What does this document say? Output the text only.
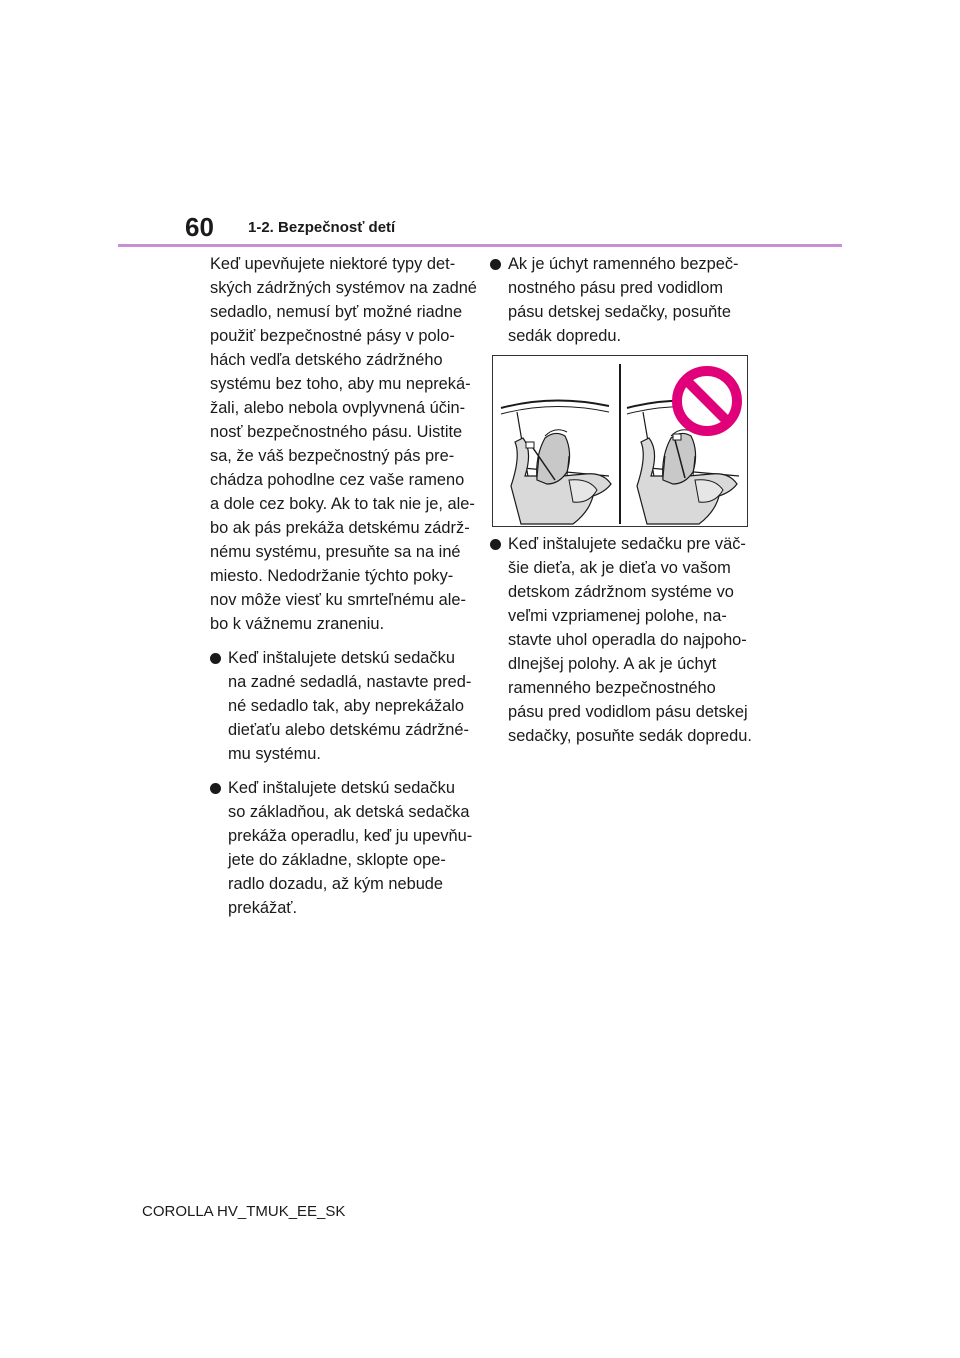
60 1-2. Bezpečnosť detí

Keď upevňujete niektoré typy det-
ských zádržných systémov na zadné
sedadlo, nemusí byť možné riadne
použiť bezpečnostné pásy v polo-
hách vedľa detského zádržného
systému bez toho, aby mu nepreká-
žali, alebo nebola ovplyvnená účin-
nosť bezpečnostného pásu. Uistite
sa, že váš bezpečnostný pás pre-
chádza pohodlne cez vaše rameno
a dole cez boky. Ak to tak nie je, ale-
bo ak pás prekáža detskému zádrž-
nému systému, presuňte sa na iné
miesto. Nedodržanie týchto poky-
nov môže viesť ku smrteľnému ale-
bo k vážnemu zraneniu.

Keď inštalujete detskú sedačku
na zadné sedadlá, nastavte pred-
né sedadlo tak, aby neprekážalo
dieťaťu alebo detskému zádržné-
mu systému.
Keď inštalujete detskú sedačku
so základňou, ak detská sedačka
prekáža operadlu, keď ju upevňu-
jete do základne, sklopte ope-
radlo dozadu, až kým nebude
prekážať.
Ak je úchyt ramenného bezpeč-
nostného pásu pred vodidlom
pásu detskej sedačky, posuňte
sedák dopredu.
Keď inštalujete sedačku pre väč-
šie dieťa, ak je dieťa vo vašom
detskom zádržnom systéme vo
veľmi vzpriamenej polohe, na-
stavte uhol operadla do najpoho-
dlnejšej polohy. A ak je úchyt
ramenného bezpečnostného
pásu pred vodidlom pásu detskej
sedačky, posuňte sedák dopredu.
COROLLA HV_TMUK_EE_SK
